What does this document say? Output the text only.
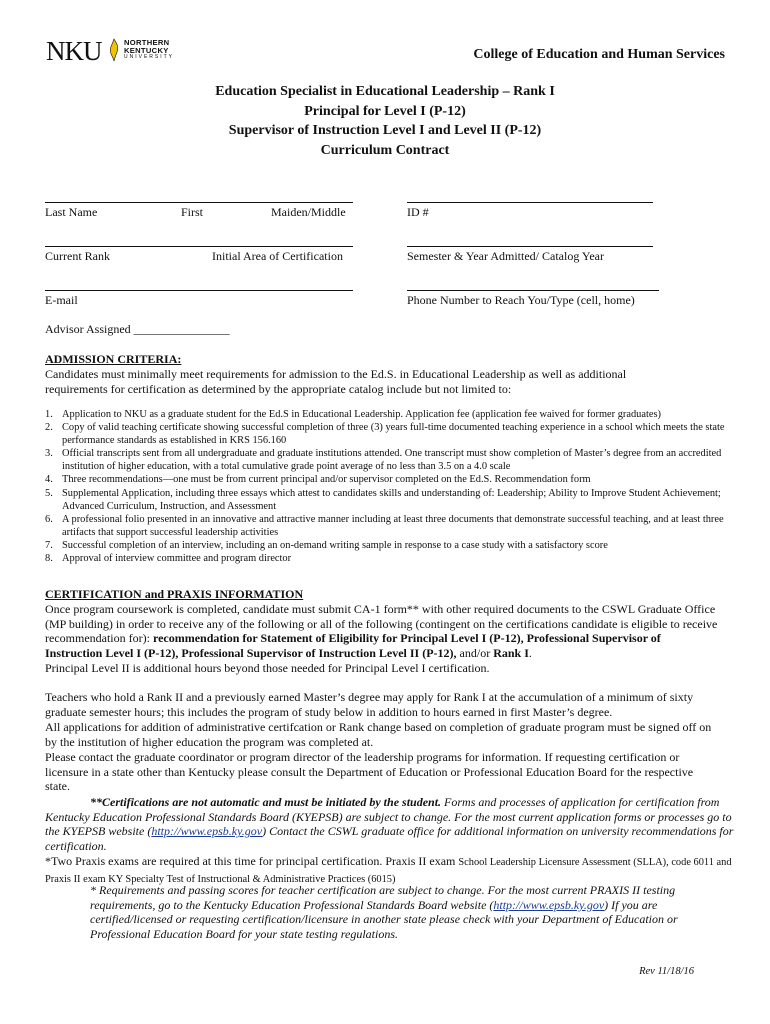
NKU	NORTHERN
KENTUCKY
UNIVERSITY	College of Education and Human Services
Education Specialist in Educational Leadership – Rank I
Principal for Level I (P-12)
Supervisor of Instruction Level I and Level II (P-12)
Curriculum Contract
Last Name	First	Maiden/Middle	ID #
Current Rank	Initial Area of Certification	Semester & Year Admitted/ Catalog Year
E-mail	Phone Number to Reach You/Type (cell, home)
Advisor Assigned ________________
ADMISSION CRITERIA:
Candidates must minimally meet requirements for admission to the Ed.S. in Educational Leadership as well as additional requirements for certification as determined by the appropriate catalog include but not limited to:
1. Application to NKU as a graduate student for the Ed.S in Educational Leadership. Application fee (application fee waived for former graduates)
2. Copy of valid teaching certificate showing successful completion of three (3) years full-time documented teaching experience in a school which meets the state performance standards as established in KRS 156.160
3. Official transcripts sent from all undergraduate and graduate institutions attended. One transcript must show completion of Master’s degree from an accredited institution of higher education, with a total cumulative grade point average of no less than 3.5 on a 4.0 scale
4. Three recommendations—one must be from current principal and/or supervisor completed on the Ed.S. Recommendation form
5. Supplemental Application, including three essays which attest to candidates skills and understanding of: Leadership; Ability to Improve Student Achievement; Advanced Curriculum, Instruction, and Assessment
6. A professional folio presented in an innovative and attractive manner including at least three documents that demonstrate successful teaching, and at least three artifacts that support successful leadership activities
7. Successful completion of an interview, including an on-demand writing sample in response to a case study with a satisfactory score
8. Approval of interview committee and program director
CERTIFICATION and PRAXIS INFORMATION
Once program coursework is completed, candidate must submit CA-1 form** with other required documents to the CSWL Graduate Office (MP building) in order to receive any of the following or all of the following (contingent on the certifications candidate is eligible to receive recommendation for): recommendation for Statement of Eligibility for Principal Level I (P-12), Professional Supervisor of Instruction Level I (P-12), Professional Supervisor of Instruction Level II (P-12), and/or Rank I.
Principal Level II is additional hours beyond those needed for Principal Level I certification.
Teachers who hold a Rank II and a previously earned Master’s degree may apply for Rank I at the accumulation of a minimum of sixty graduate semester hours; this includes the program of study below in addition to hours earned in first Master’s degree.
All applications for addition of administrative certifcation or Rank change based on completion of graduate program must be signed off on by the institution of higher education the program was completed at.
Please contact the graduate coordinator or program director of the leadership programs for information. If requesting certification or licensure in a state other than Kentucky please consult the Department of Education or Professional Education Board for the respective state.
**Certifications are not automatic and must be initiated by the student. Forms and processes of application for certification from Kentucky Education Professional Standards Board (KYEPSB) are subject to change. For the most current application forms or processes go to the KYEPSB website (http://www.epsb.ky.gov) Contact the CSWL graduate office for additional information on university recommendations for certification.
*Two Praxis exams are required at this time for principal certification. Praxis II exam School Leadership Licensure Assessment (SLLA), code 6011 and Praxis II exam KY Specialty Test of Instructional & Administrative Practices (6015)
* Requirements and passing scores for teacher certification are subject to change. For the most current PRAXIS II testing requirements, go to the Kentucky Education Professional Standards Board website (http://www.epsb.ky.gov) If you are certified/licensed or requesting certification/licensure in another state please check with your Department of Education or Professional Education Board for your state testing regulations.
Rev 11/18/16
